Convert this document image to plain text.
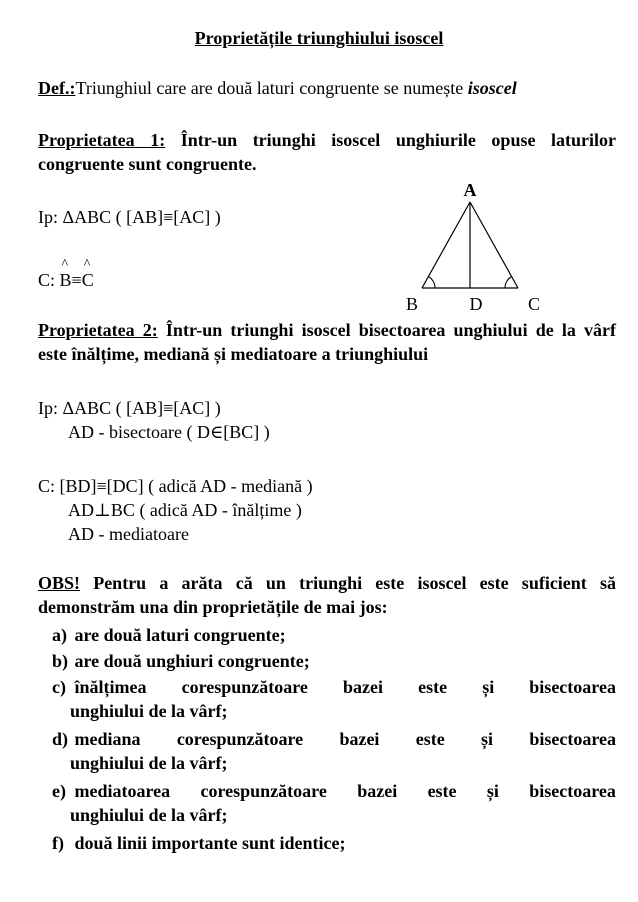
Proprietățile triunghiului isoscel
Def.:Triunghiul care are două laturi congruente se numește isoscel
Proprietatea 1: Într-un triunghi isoscel unghiurile opuse laturilor congruente sunt congruente.
Ip: ΔABC ( [AB]≡[AC] )
C: ^ B≡^ C
A
B	D	C
Proprietatea 2: Într-un triunghi isoscel bisectoarea unghiului de la vârf este înălțime, mediană și mediatoare a triunghiului
Ip: ΔABC ( [AB]≡[AC] )
AD - bisectoare ( D∈[BC] )
C: [BD]≡[DC] ( adică AD - mediană )
AD⊥BC ( adică AD - înălțime )
AD - mediatoare
OBS! Pentru a arăta că un triunghi este isoscel este suficient să demonstrăm una din proprietățile de mai jos:
a) are două laturi congruente;
b) are două unghiuri congruente;
c) înălțimea corespunzătoare bazei este și bisectoarea
unghiului de la vârf;
d) mediana corespunzătoare bazei este și bisectoarea
unghiului de la vârf;
e) mediatoarea corespunzătoare bazei este și bisectoarea
unghiului de la vârf;
f) două linii importante sunt identice;
